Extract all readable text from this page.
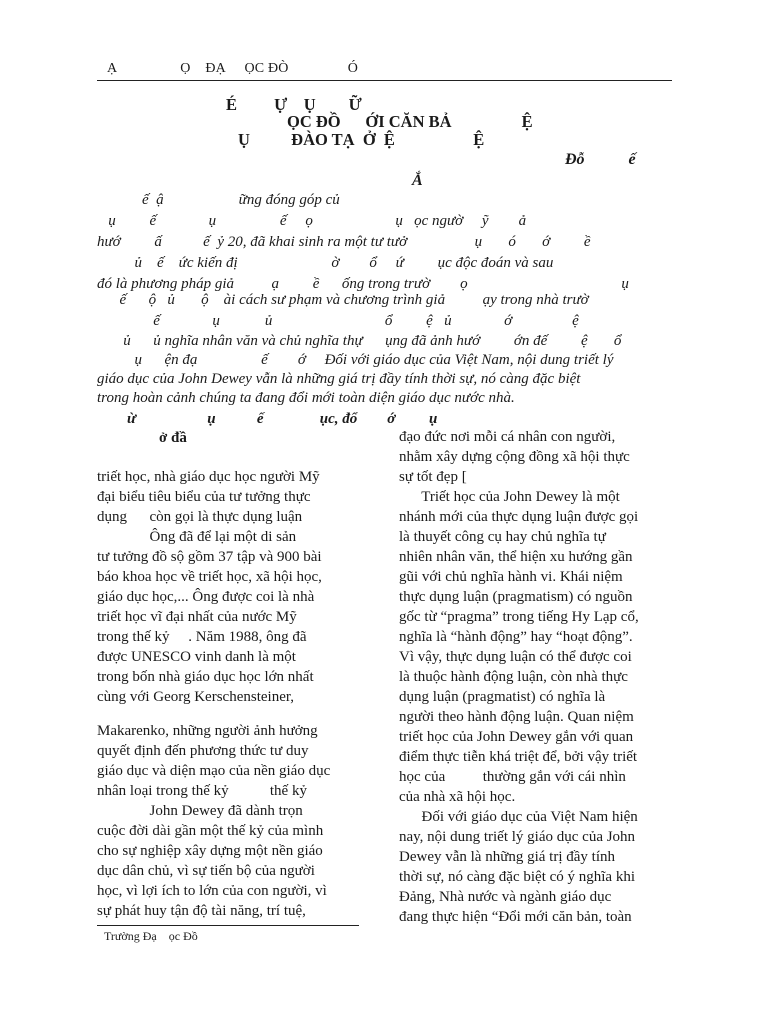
Ạ                 Ọ    ĐẠ     ỌC ĐÒ                Ó
É         Ự    Ụ        Ữ
ỌC ĐỒ      ỚI CĂN BẢ                 Ệ
Ụ          ĐÀO TẠ  Ở  Ệ                   Ệ
Đỗ           ế
Ắ
ế  ậ                    ững đóng góp củ
ụ         ế              ụ                 ế     ọ                      ụ   ọc ngườ     ỹ        ả
hướ         ấ           ế  ỷ 20, đã khai sinh ra một tư tưở                  ụ       ó       ớ         ề
ủ    ế    ức kiến đị                         ờ        ổ     ứ         ục độc đoán và sau
đó là phương pháp giả          ạ         ề      ống trong trườ        ọ                                         ụ
ế      ộ   ủ       ộ    ài cách sư phạm và chương trình giả          ạy trong nhà trườ
ế              ụ            ủ                              ổ         ệ   ủ              ớ                ệ
ủ      ủ nghĩa nhân văn và chủ nghĩa thự      ụng đã ảnh hướ         ớn đế         ệ       ổ
ụ      ện đạ                 ế        ớ     Đối với giáo dục của Việt Nam, nội dung triết lý
giáo dục của John Dewey vẫn là những giá trị đầy tính thời sự, nó càng đặc biệt
trong hoàn cảnh chúng ta đang đổi mới toàn diện giáo dục nước nhà.
ừ                   ụ           ế               ục, đổ        ớ         ụ
ở đầ
triết học, nhà giáo dục học người Mỹ
đại biểu tiêu biểu của tư tưởng thực
dụng      còn gọi là thực dụng luận
Ông đã để lại một di sản
tư tưởng đồ sộ gồm 37 tập và 900 bài
báo khoa học về triết học, xã hội học,
giáo dục học,... Ông được coi là nhà
triết học vĩ đại nhất của nước Mỹ
trong thế kỷ     . Năm 1988, ông đã
được UNESCO vinh danh là một
trong bốn nhà giáo dục học lớn nhất
cùng với Georg Kerschensteiner,
Makarenko, những người ảnh hưởng
quyết định đến phương thức tư duy
giáo dục và diện mạo của nền giáo dục
nhân loại trong thế kỷ           thế kỷ
John Dewey đã dành trọn
cuộc đời dài gần một thế kỷ của mình
cho sự nghiệp xây dựng một nền giáo
dục dân chủ, vì sự tiến bộ của người
học, vì lợi ích to lớn của con người, vì
sự phát huy tận độ tài năng, trí tuệ,
đạo đức nơi mỗi cá nhân con người,
nhằm xây dựng cộng đồng xã hội thực
sự tốt đẹp [
Triết học của John Dewey là một
nhánh mới của thực dụng luận được gọi
là thuyết công cụ hay chủ nghĩa tự
nhiên nhân văn, thể hiện xu hướng gần
gũi với chủ nghĩa hành vi. Khái niệm
thực dụng luận (pragmatism) có nguồn
gốc từ “pragma” trong tiếng Hy Lạp cổ,
nghĩa là “hành động” hay “hoạt động”.
Vì vậy, thực dụng luận có thể được coi
là thuộc hành động luận, còn nhà thực
dụng luận (pragmatist) có nghĩa là
người theo hành động luận. Quan niệm
triết học của John Dewey gắn với quan
điểm thực tiễn khá triệt để, bởi vậy triết
học của          thường gắn với cái nhìn
của nhà xã hội học.
Đối với giáo dục của Việt Nam hiện
nay, nội dung triết lý giáo dục của John
Dewey vẫn là những giá trị đầy tính
thời sự, nó càng đặc biệt có ý nghĩa khi
Đảng, Nhà nước và ngành giáo dục
đang thực hiện “Đổi mới căn bản, toàn
Trường Đạ    ọc Đồ
